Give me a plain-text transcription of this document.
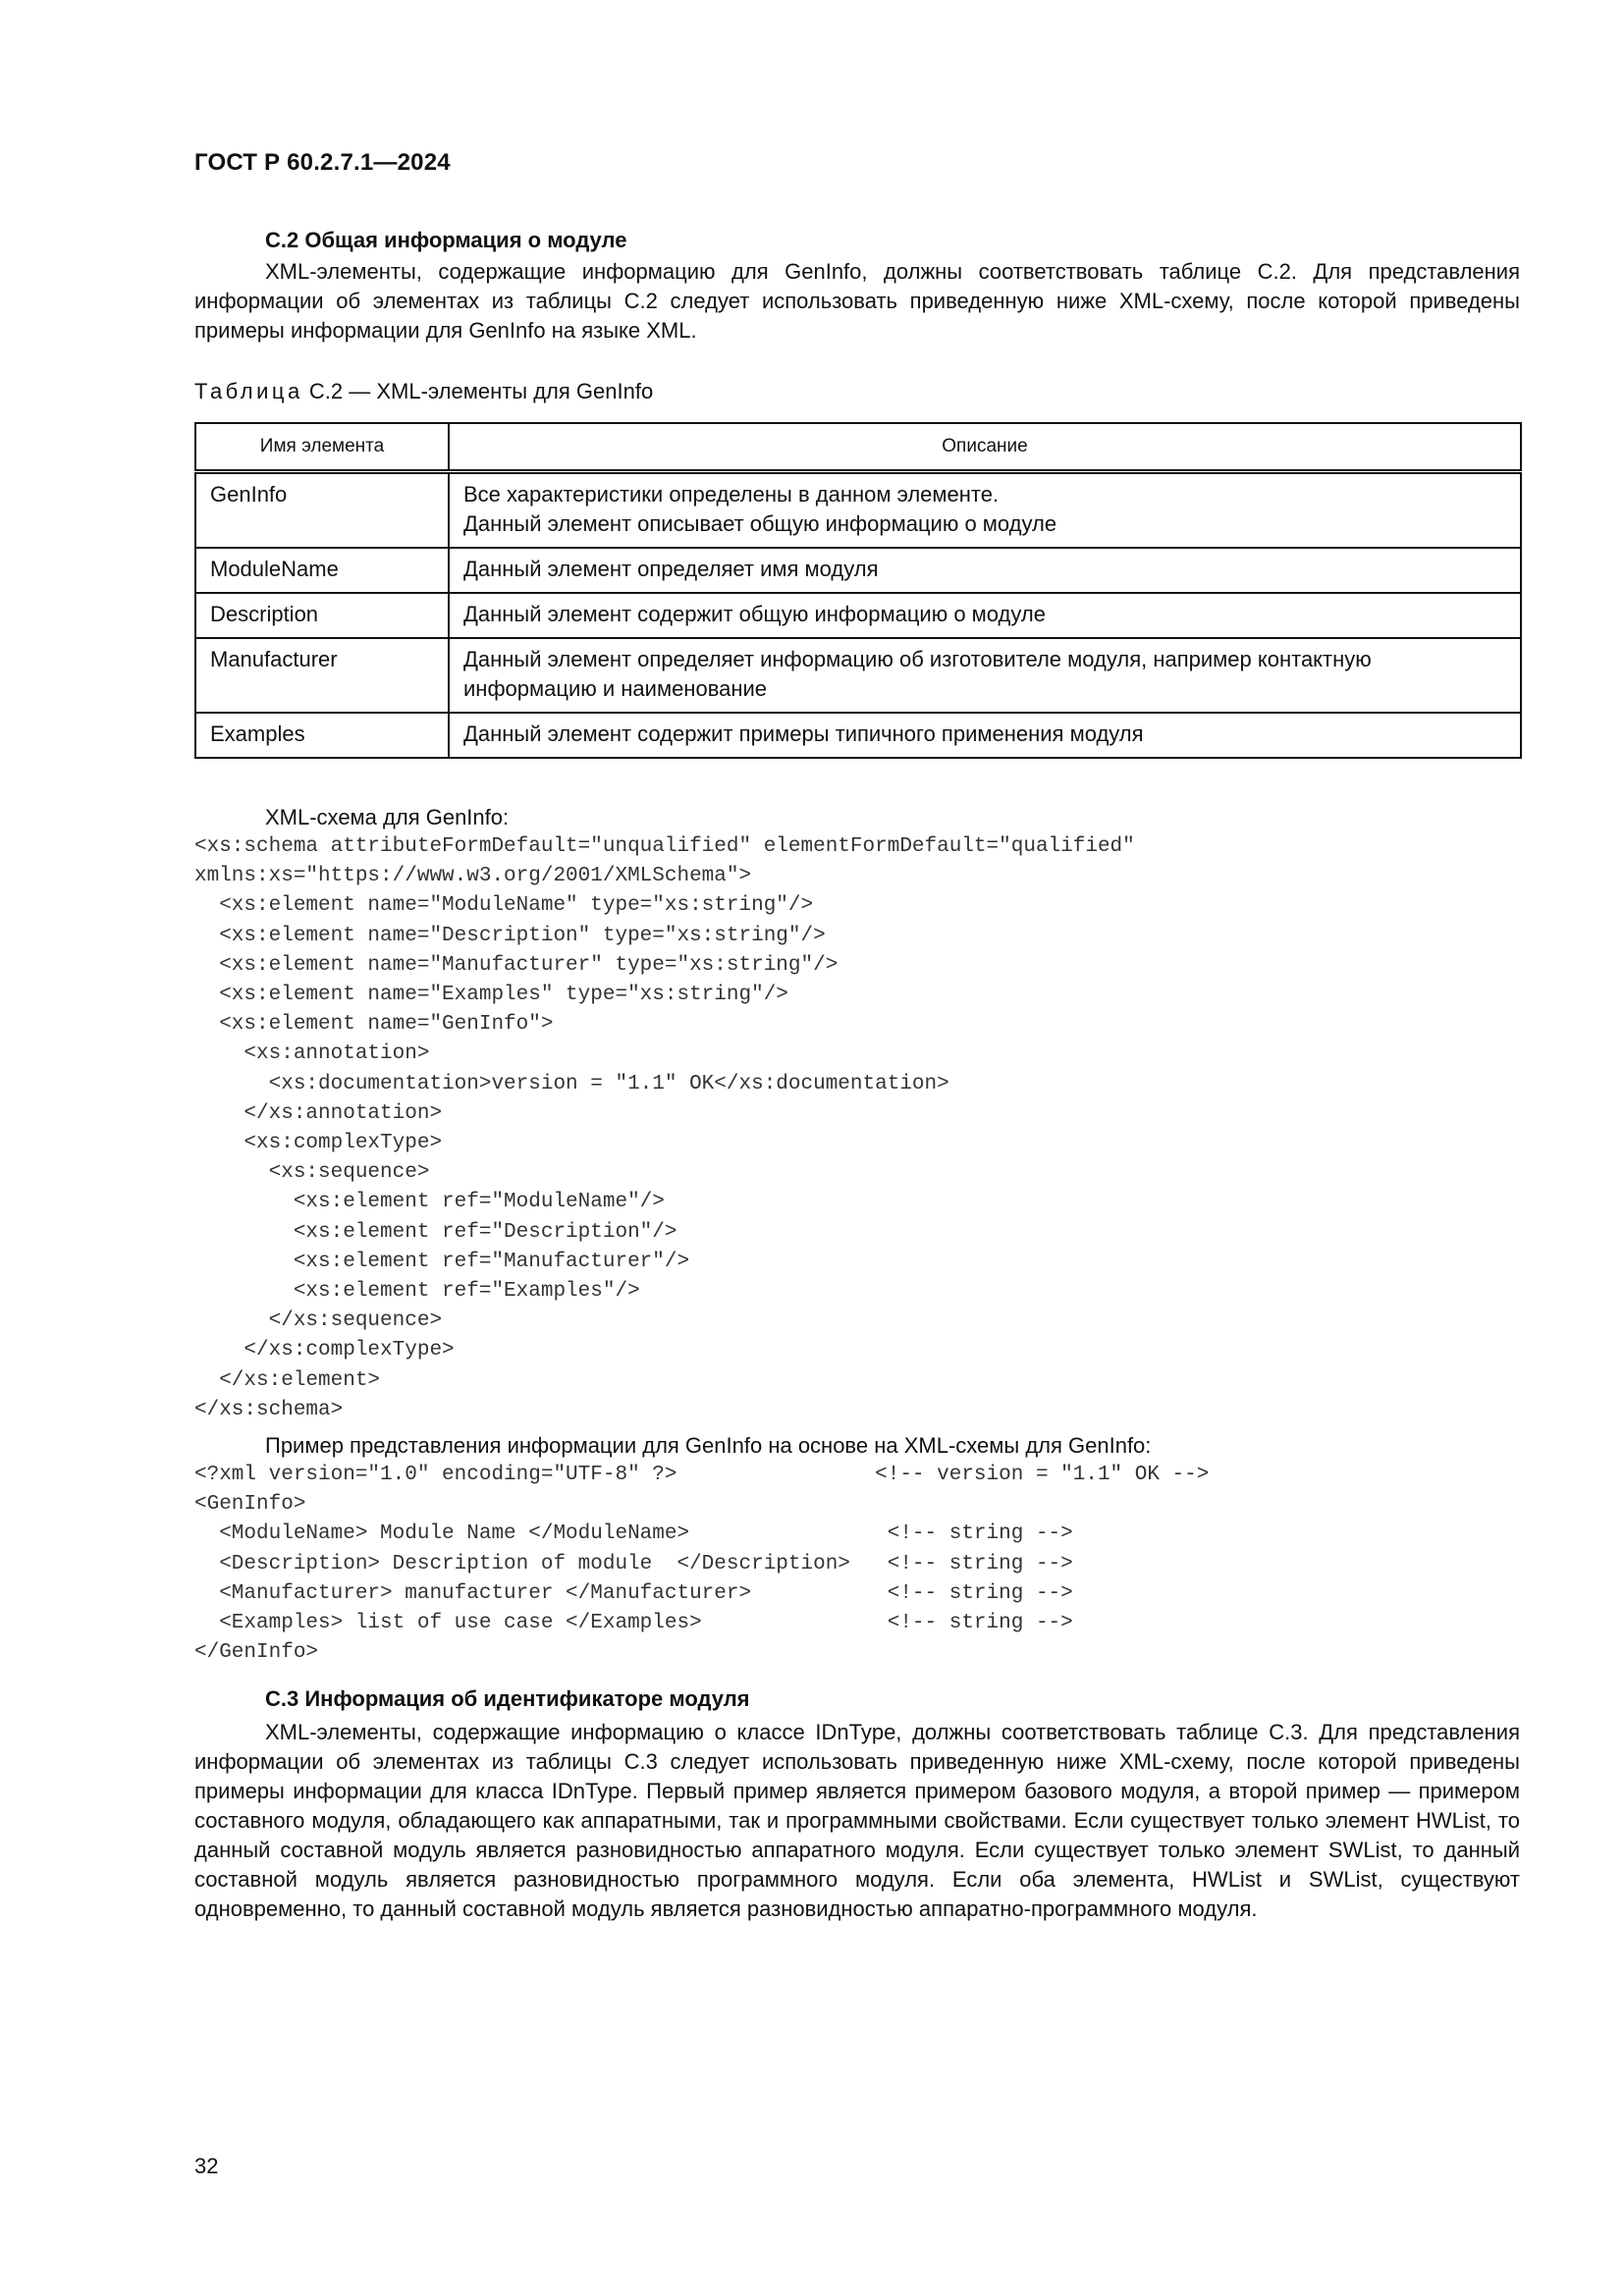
ГОСТ Р 60.2.7.1—2024
C.2 Общая информация о модуле
XML-элементы, содержащие информацию для GenInfo, должны соответствовать таблице C.2. Для представления информации об элементах из таблицы C.2 следует использовать приведенную ниже XML-схему, после которой приведены примеры информации для GenInfo на языке XML.
Таблица C.2 — XML-элементы для GenInfo
Имя элемента	Описание
GenInfo	Все характеристики определены в данном элементе.
Данный элемент описывает общую информацию о модуле

ModuleName	Данный элемент определяет имя модуля

Description	Данный элемент содержит общую информацию о модуле

Manufacturer	Данный элемент определяет информацию об изготовителе модуля, например контактную информацию и наименование

Examples	Данный элемент содержит примеры типичного применения модуля
XML-схема для GenInfo:
<xs:schema attributeFormDefault="unqualified" elementFormDefault="qualified"
xmlns:xs="https://www.w3.org/2001/XMLSchema">
<xs:element name="ModuleName" type="xs:string"/>
<xs:element name="Description" type="xs:string"/>
<xs:element name="Manufacturer" type="xs:string"/>
<xs:element name="Examples" type="xs:string"/>
<xs:element name="GenInfo">
<xs:annotation>
<xs:documentation>version = "1.1" OK</xs:documentation>
</xs:annotation>
<xs:complexType>
<xs:sequence>
<xs:element ref="ModuleName"/>
<xs:element ref="Description"/>
<xs:element ref="Manufacturer"/>
<xs:element ref="Examples"/>
</xs:sequence>
</xs:complexType>
</xs:element>
</xs:schema>
Пример представления информации для GenInfo на основе на XML-схемы для GenInfo:
<?xml version="1.0" encoding="UTF-8" ?>                <!-- version = "1.1" OK -->
<GenInfo>
<ModuleName> Module Name </ModuleName>                <!-- string -->
<Description> Description of module  </Description>   <!-- string -->
<Manufacturer> manufacturer </Manufacturer>           <!-- string -->
<Examples> list of use case </Examples>               <!-- string -->
</GenInfo>
C.3 Информация об идентификаторе модуля
XML-элементы, содержащие информацию о классе IDnType, должны соответствовать таблице C.3. Для представления информации об элементах из таблицы C.3 следует использовать приведенную ниже XML-схему, после которой приведены примеры информации для класса IDnType. Первый пример является примером базового модуля, а второй пример — примером составного модуля, обладающего как аппаратными, так и программными свойствами. Если существует только элемент HWList, то данный составной модуль является разновидностью аппаратного модуля. Если существует только элемент SWList, то данный составной модуль является разновидностью программного модуля. Если оба элемента, HWList и SWList, существуют одновременно, то данный составной модуль является разновидностью аппаратно-программного модуля.
32
